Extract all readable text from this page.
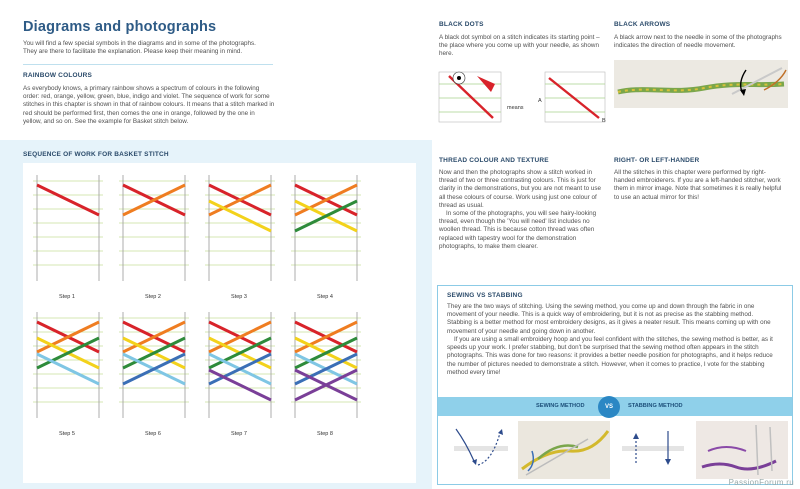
Diagrams and photographs

You will find a few special symbols in the diagrams and in some of the photographs. They are there to facilitate the explanation. Please keep their meaning in mind.

RAINBOW COLOURS

As everybody knows, a primary rainbow shows a spectrum of colours in the following order: red, orange, yellow, green, blue, indigo and violet. The sequence of work for some stitches in this chapter is shown in that of rainbow colours. It means that a stitch marked in red should be performed first, then comes the one in orange, followed by the one in yellow, and so on. See the example for Basket stitch below.

SEQUENCE OF WORK FOR BASKET STITCH

Step 1	Step 2	Step 3	Step 4
Step 5	Step 6	Step 7	Step 8

BLACK DOTS

A black dot symbol on a stitch indicates its starting point – the place where you come up with your needle, as shown here.

means
A
B

BLACK ARROWS

A black arrow next to the needle in some of the photographs indicates the direction of needle movement.

THREAD COLOUR AND TEXTURE

Now and then the photographs show a stitch worked in thread of two or three contrasting colours. This is just for clarity in the demonstrations, but you are not meant to use all these colours of course. Work using just one colour of thread as usual.

In some of the photographs, you will see hairy-looking thread, even though the 'You will need' list includes no woollen thread. This is because cotton thread was often replaced with tapestry wool for the demonstration photographs, to make them clearer.

RIGHT- OR LEFT-HANDER

All the stitches in this chapter were performed by right-handed embroiderers. If you are a left-handed stitcher, work them in mirror image. Note that sometimes it is really helpful to use an actual mirror for this!

SEWING VS STABBING

They are the two ways of stitching. Using the sewing method, you come up and down through the fabric in one movement of your needle. This is a quick way of embroidering, but it is not as precise as the stabbing method. Stabbing is a better method for most embroidery designs, as it gives a neater result. This means coming up with one movement of your needle and going down in another.

If you are using a small embroidery hoop and you feel confident with the stitches, the sewing method is better, as it speeds up your work. I prefer stabbing, but don't be surprised that the sewing method often appears in the stitch photographs. This was done for two reasons: it provides a better needle position for photographs, and it helps reduce the number of pictures needed to demonstrate a stitch. However, when it comes to practice, I vote for the stabbing method every time!

SEWING METHOD	VS	STABBING METHOD
PassionForum.ru
